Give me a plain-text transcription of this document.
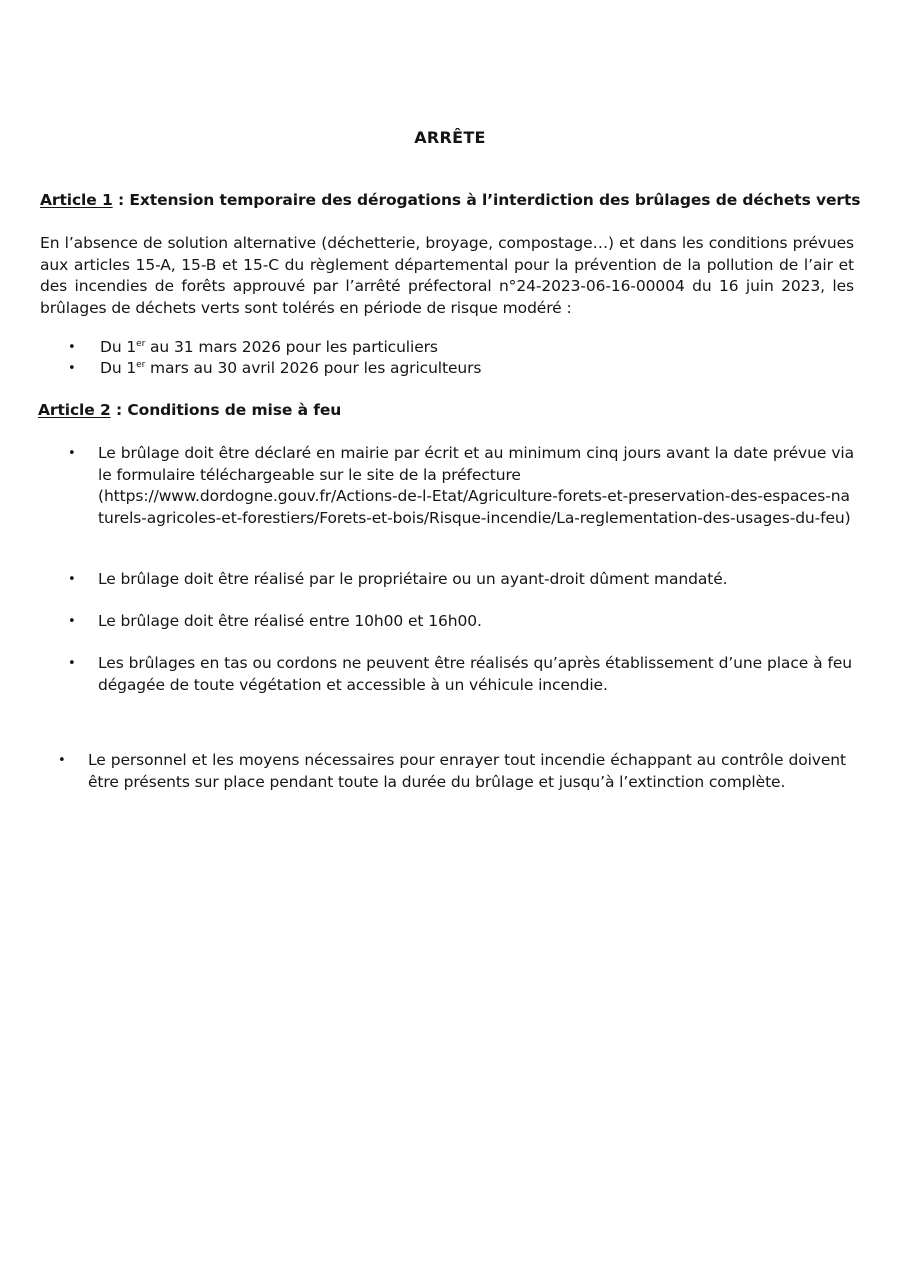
ARRÊTE
Article 1 : Extension temporaire des dérogations à l’interdiction des brûlages de déchets verts
En l’absence de solution alternative (déchetterie, broyage, compostage…) et dans les conditions prévues aux articles 15-A, 15-B et 15-C du règlement départemental pour la prévention de la pollution de l’air et des incendies de forêts approuvé par l’arrêté préfectoral n°24-2023-06-16-00004 du 16 juin 2023, les brûlages de déchets verts sont tolérés en période de risque modéré :
• Du 1er au 31 mars 2026 pour les particuliers
• Du 1er mars au 30 avril 2026 pour les agriculteurs
Article 2 : Conditions de mise à feu
• Le brûlage doit être déclaré en mairie par écrit et au minimum cinq jours avant la date prévue via le formulaire téléchargeable sur le site de la préfecture
(https://www.dordogne.gouv.fr/Actions-de-l-Etat/Agriculture-forets-et-preservation-des-espaces-naturels-agricoles-et-forestiers/Forets-et-bois/Risque-incendie/La-reglementation-des-usages-du-feu)
• Le brûlage doit être réalisé par le propriétaire ou un ayant-droit dûment mandaté.
• Le brûlage doit être réalisé entre 10h00 et 16h00.
• Les brûlages en tas ou cordons ne peuvent être réalisés qu’après établissement d’une place à feu dégagée de toute végétation et accessible à un véhicule incendie.
• Le personnel et les moyens nécessaires pour enrayer tout incendie échappant au contrôle doivent être présents sur place pendant toute la durée du brûlage et jusqu’à l’extinction complète.
